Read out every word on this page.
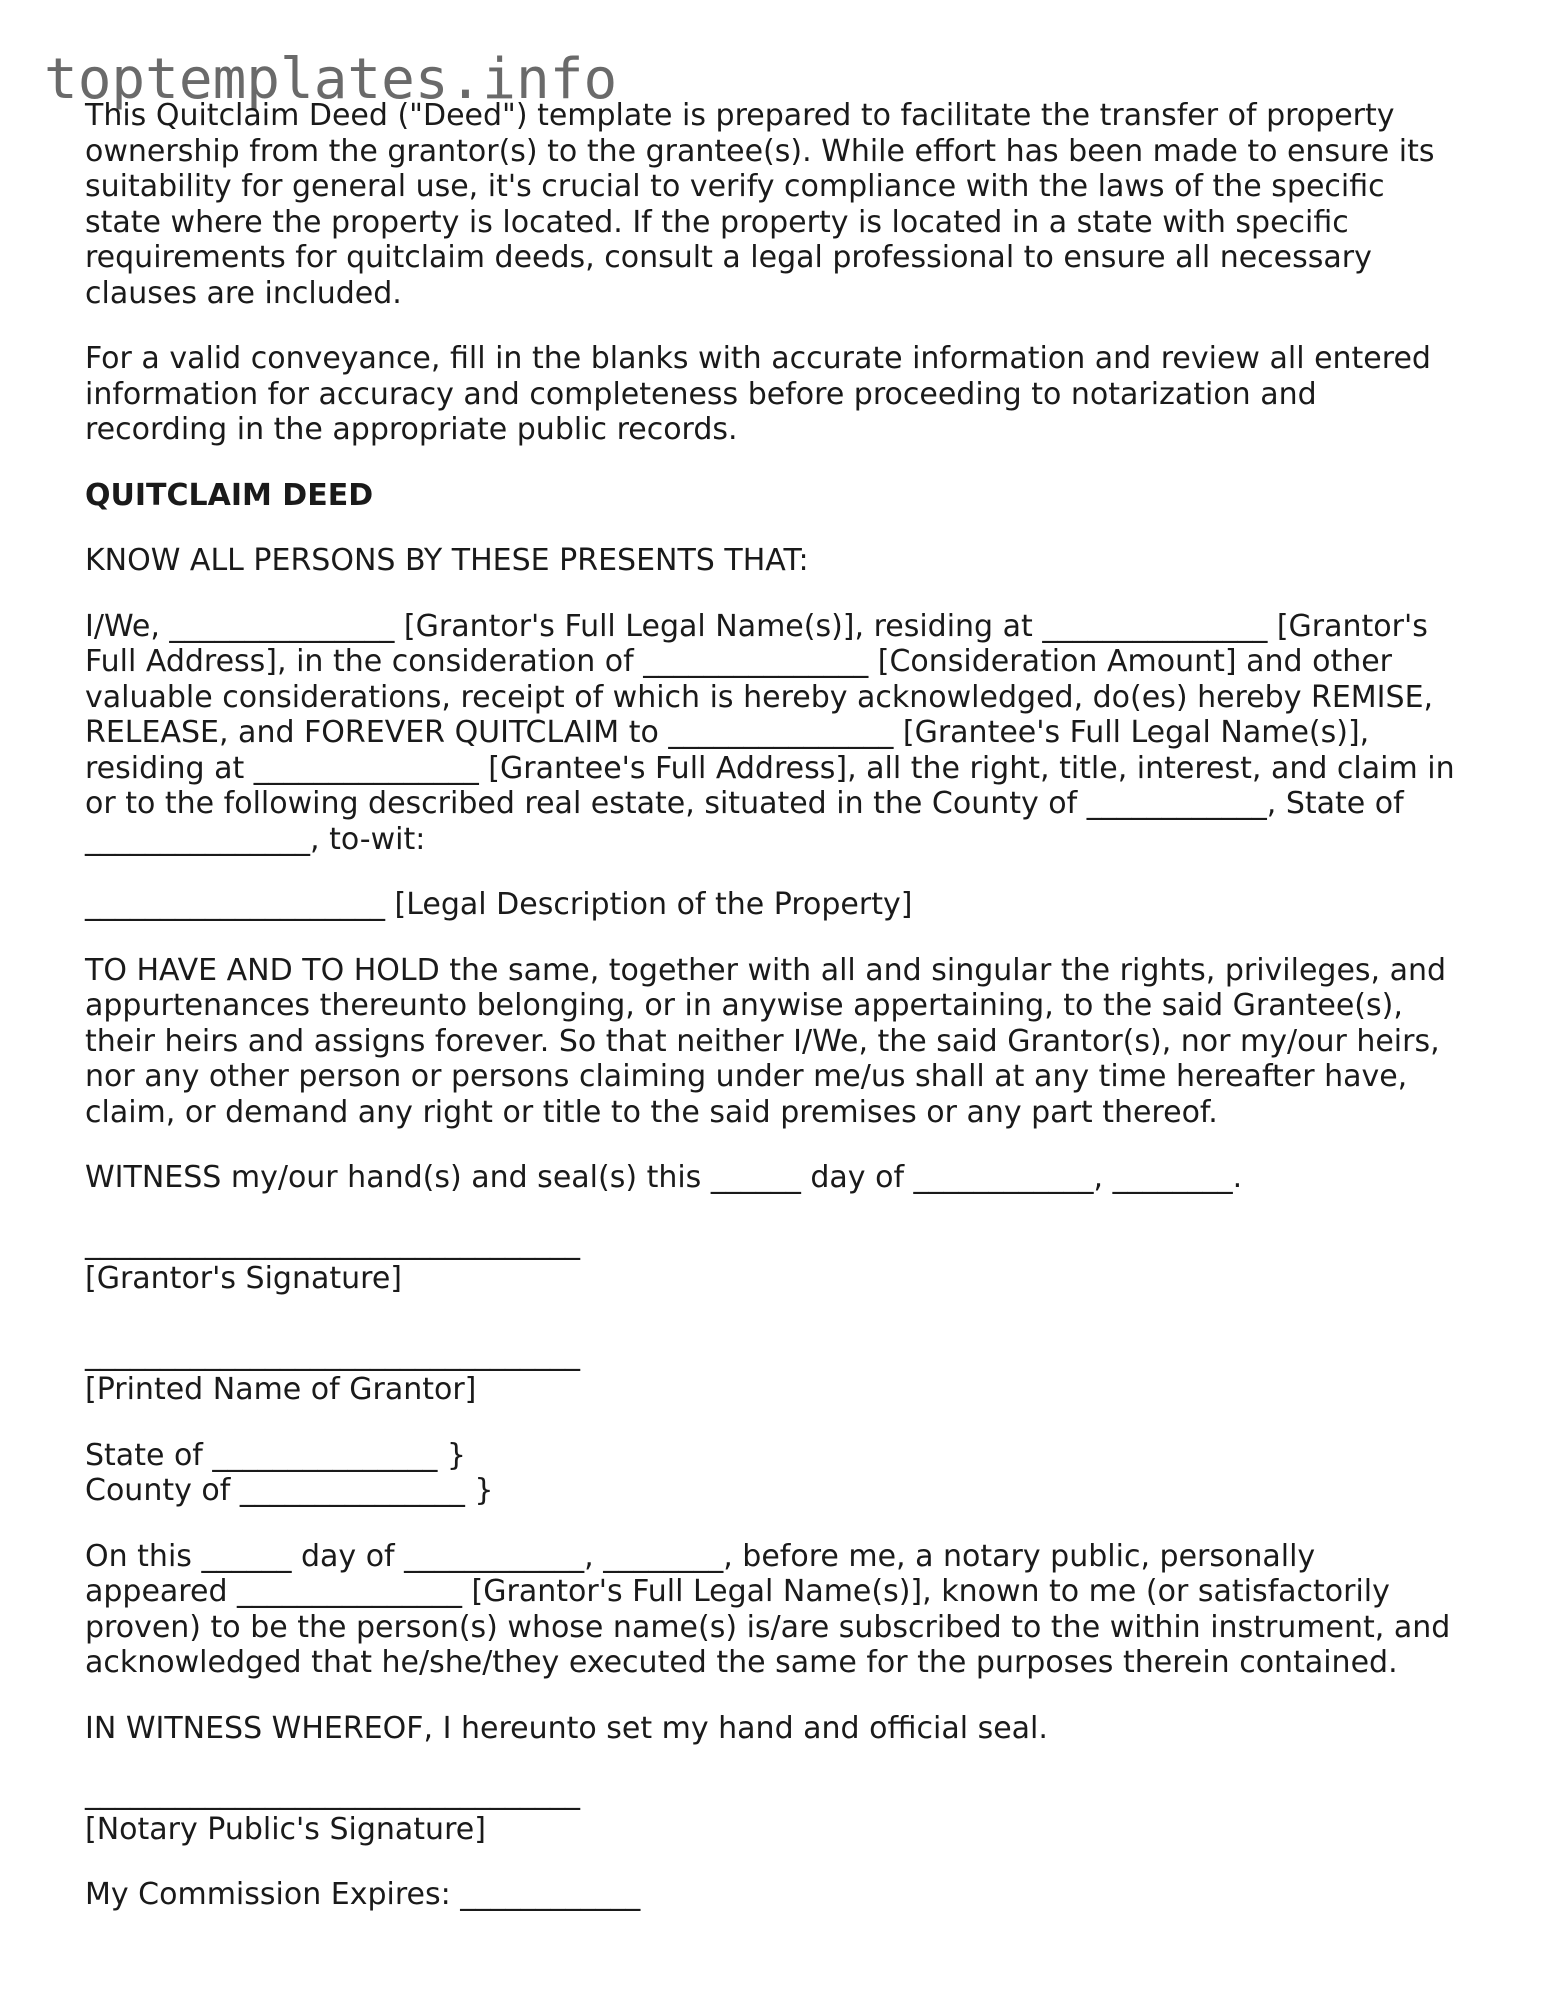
toptemplates.info

This Quitclaim Deed ("Deed") template is prepared to facilitate the transfer of property ownership from the grantor(s) to the grantee(s). While effort has been made to ensure its suitability for general use, it's crucial to verify compliance with the laws of the specific state where the property is located. If the property is located in a state with specific requirements for quitclaim deeds, consult a legal professional to ensure all necessary clauses are included.

For a valid conveyance, fill in the blanks with accurate information and review all entered information for accuracy and completeness before proceeding to notarization and recording in the appropriate public records.

QUITCLAIM DEED

KNOW ALL PERSONS BY THESE PRESENTS THAT:

I/We, _______________ [Grantor's Full Legal Name(s)], residing at _______________ [Grantor's Full Address], in the consideration of _______________ [Consideration Amount] and other valuable considerations, receipt of which is hereby acknowledged, do(es) hereby REMISE, RELEASE, and FOREVER QUITCLAIM to _______________ [Grantee's Full Legal Name(s)], residing at _______________ [Grantee's Full Address], all the right, title, interest, and claim in or to the following described real estate, situated in the County of ____________, State of _______________, to-wit:

____________________ [Legal Description of the Property]

TO HAVE AND TO HOLD the same, together with all and singular the rights, privileges, and appurtenances thereunto belonging, or in anywise appertaining, to the said Grantee(s), their heirs and assigns forever. So that neither I/We, the said Grantor(s), nor my/our heirs, nor any other person or persons claiming under me/us shall at any time hereafter have, claim, or demand any right or title to the said premises or any part thereof.

WITNESS my/our hand(s) and seal(s) this ______ day of ____________, ________.

_________________________________
[Grantor's Signature]
_________________________________
[Printed Name of Grantor]
State of _______________ }
County of _______________ }

On this ______ day of ____________, ________, before me, a notary public, personally appeared _______________ [Grantor's Full Legal Name(s)], known to me (or satisfactorily proven) to be the person(s) whose name(s) is/are subscribed to the within instrument, and acknowledged that he/she/they executed the same for the purposes therein contained.

IN WITNESS WHEREOF, I hereunto set my hand and official seal.

_________________________________
[Notary Public's Signature]

My Commission Expires: ____________
